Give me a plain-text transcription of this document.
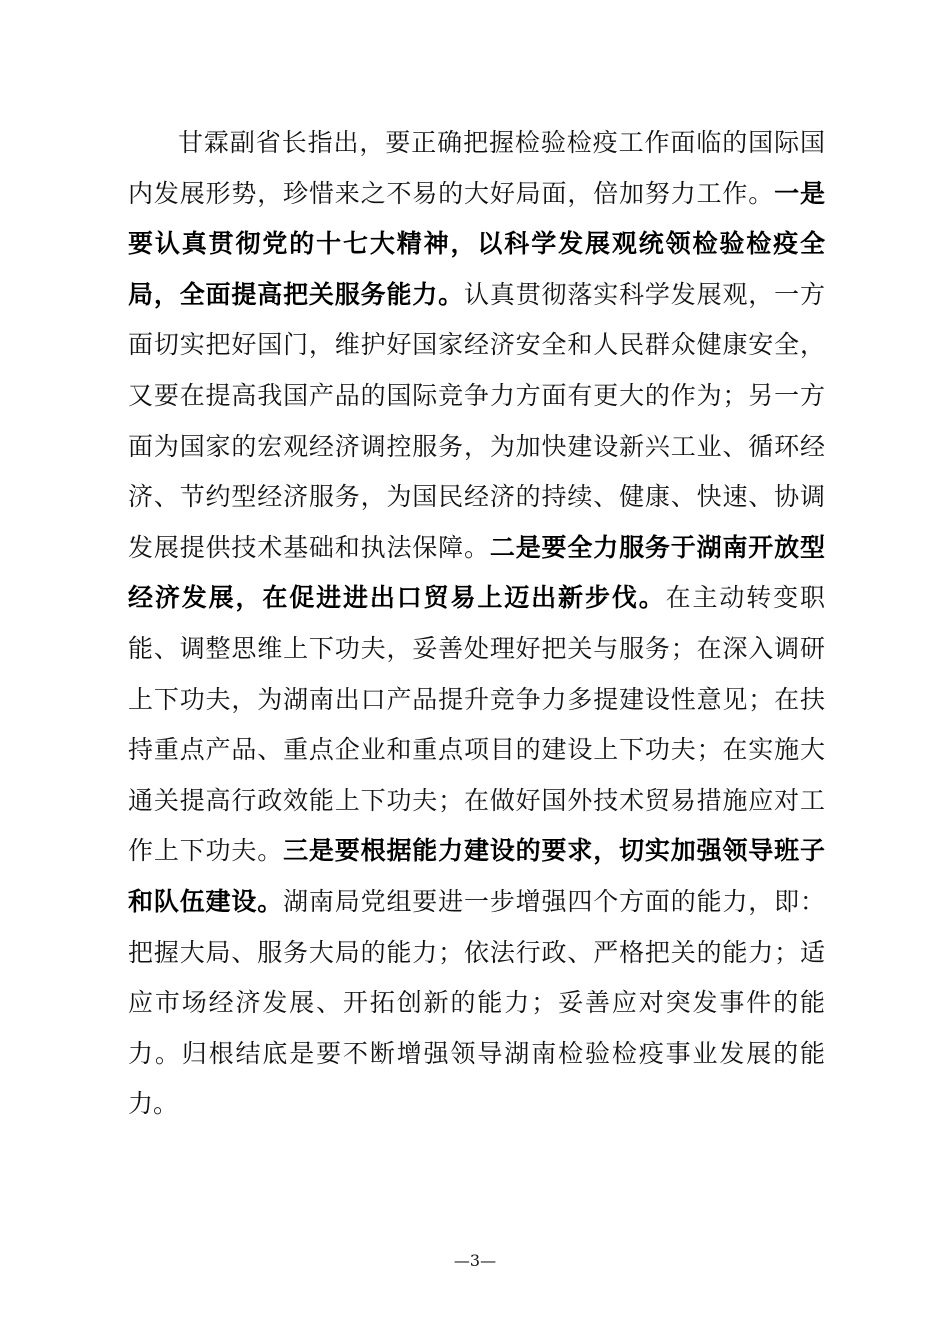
甘霖副省长指出，要正确把握检验检疫工作面临的国际国内发展形势，珍惜来之不易的大好局面，倍加努力工作。一是要认真贯彻党的十七大精神，以科学发展观统领检验检疫全局，全面提高把关服务能力。认真贯彻落实科学发展观，一方面切实把好国门，维护好国家经济安全和人民群众健康安全，又要在提高我国产品的国际竞争力方面有更大的作为；另一方面为国家的宏观经济调控服务，为加快建设新兴工业、循环经济、节约型经济服务，为国民经济的持续、健康、快速、协调发展提供技术基础和执法保障。二是要全力服务于湖南开放型经济发展，在促进进出口贸易上迈出新步伐。在主动转变职能、调整思维上下功夫，妥善处理好把关与服务；在深入调研上下功夫，为湖南出口产品提升竞争力多提建设性意见；在扶持重点产品、重点企业和重点项目的建设上下功夫；在实施大通关提高行政效能上下功夫；在做好国外技术贸易措施应对工作上下功夫。三是要根据能力建设的要求，切实加强领导班子和队伍建设。湖南局党组要进一步增强四个方面的能力，即：把握大局、服务大局的能力；依法行政、严格把关的能力；适应市场经济发展、开拓创新的能力；妥善应对突发事件的能力。归根结底是要不断增强领导湖南检验检疫事业发展的能力。

—3—
